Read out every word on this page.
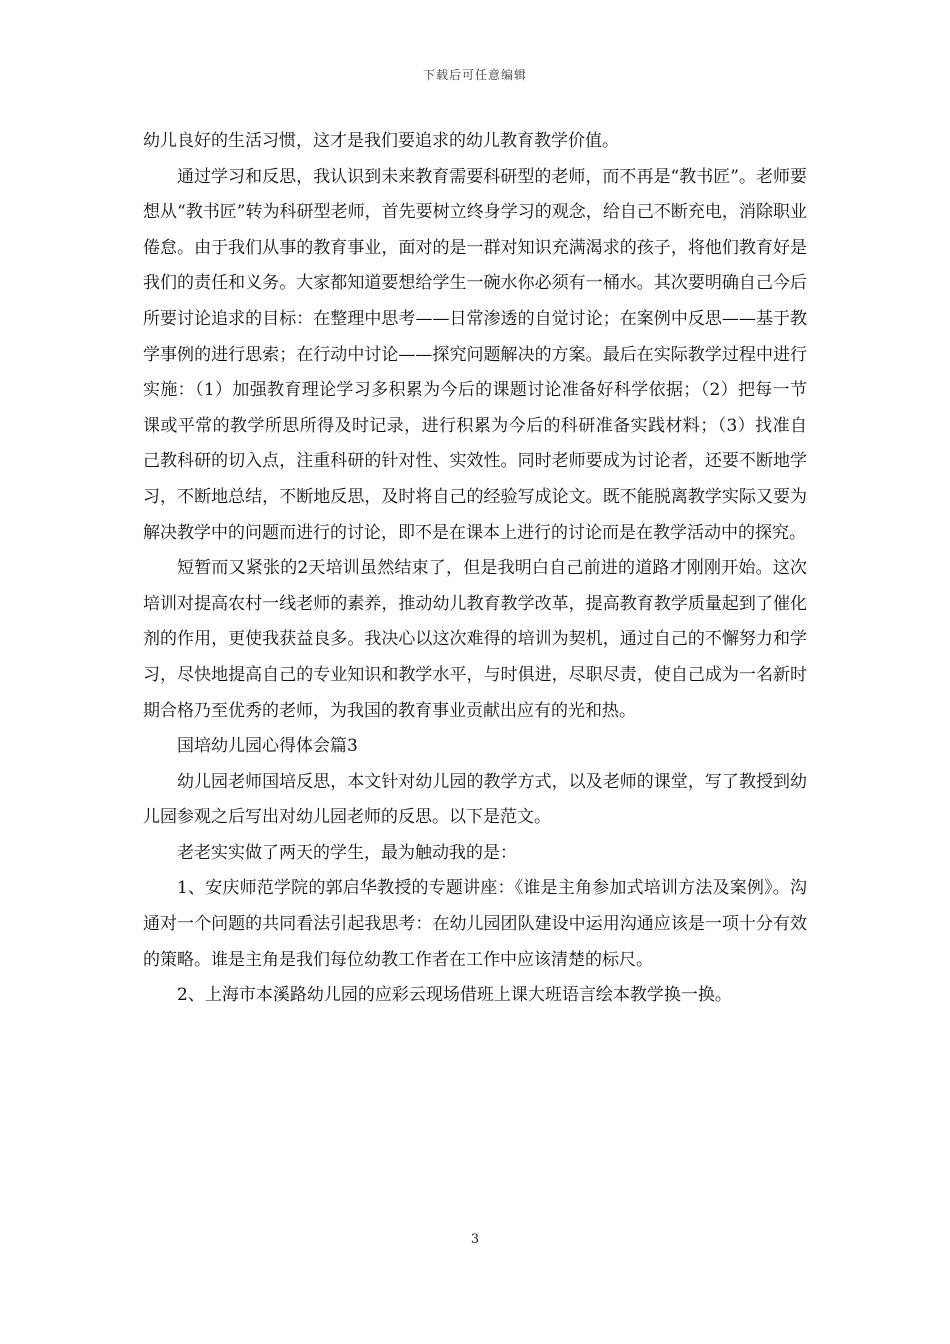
下载后可任意编辑

幼儿良好的生活习惯，这才是我们要追求的幼儿教育教学价值。

通过学习和反思，我认识到未来教育需要科研型的老师，而不再是“教书匠”。老师要想从“教书匠”转为科研型老师，首先要树立终身学习的观念，给自己不断充电，消除职业倦怠。由于我们从事的教育事业，面对的是一群对知识充满渴求的孩子，将他们教育好是我们的责任和义务。大家都知道要想给学生一碗水你必须有一桶水。其次要明确自己今后所要讨论追求的目标：在整理中思考——日常渗透的自觉讨论；在案例中反思——基于教学事例的进行思索；在行动中讨论——探究问题解决的方案。最后在实际教学过程中进行实施：（1）加强教育理论学习多积累为今后的课题讨论准备好科学依据；（2）把每一节课或平常的教学所思所得及时记录，进行积累为今后的科研准备实践材料；（3）找准自己教科研的切入点，注重科研的针对性、实效性。同时老师要成为讨论者，还要不断地学习，不断地总结，不断地反思，及时将自己的经验写成论文。既不能脱离教学实际又要为解决教学中的问题而进行的讨论，即不是在课本上进行的讨论而是在教学活动中的探究。

短暂而又紧张的2天培训虽然结束了，但是我明白自己前进的道路才刚刚开始。这次培训对提高农村一线老师的素养，推动幼儿教育教学改革，提高教育教学质量起到了催化剂的作用，更使我获益良多。我决心以这次难得的培训为契机，通过自己的不懈努力和学习，尽快地提高自己的专业知识和教学水平，与时俱进，尽职尽责，使自己成为一名新时期合格乃至优秀的老师，为我国的教育事业贡献出应有的光和热。

国培幼儿园心得体会篇3

幼儿园老师国培反思，本文针对幼儿园的教学方式，以及老师的课堂，写了教授到幼儿园参观之后写出对幼儿园老师的反思。以下是范文。

老老实实做了两天的学生，最为触动我的是：

1、安庆师范学院的郭启华教授的专题讲座：《谁是主角参加式培训方法及案例》。沟通对一个问题的共同看法引起我思考：在幼儿园团队建设中运用沟通应该是一项十分有效的策略。谁是主角是我们每位幼教工作者在工作中应该清楚的标尺。

2、上海市本溪路幼儿园的应彩云现场借班上课大班语言绘本教学换一换。

3
